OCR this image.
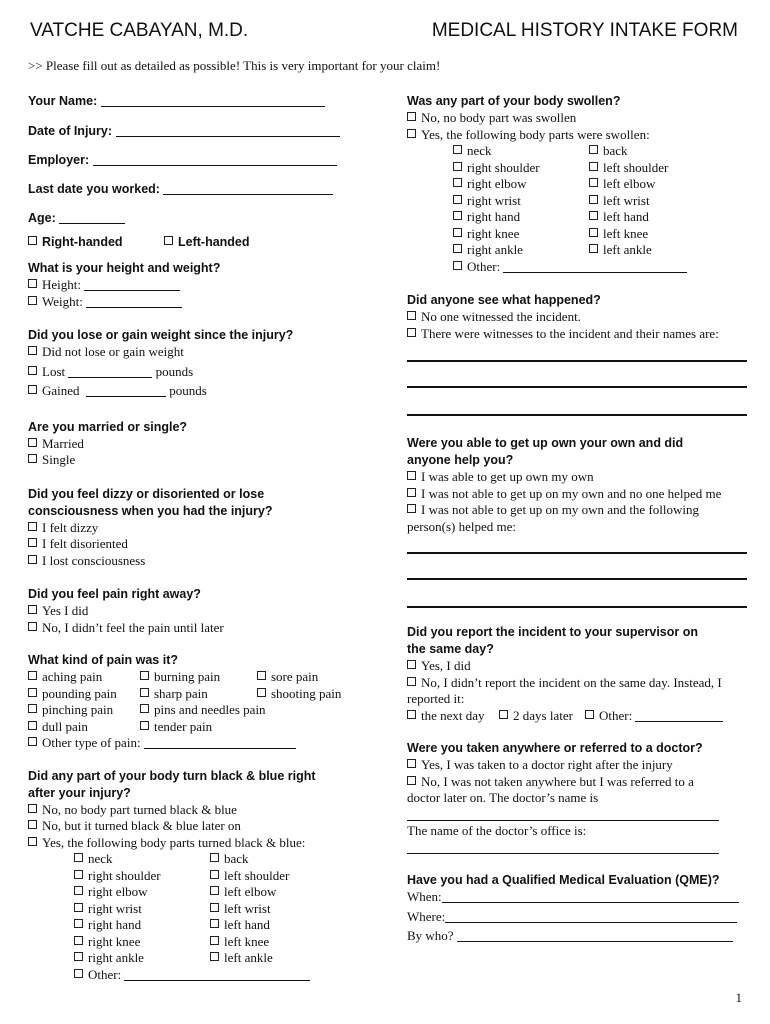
VATCHE CABAYAN, M.D.	MEDICAL HISTORY INTAKE FORM
>> Please fill out as detailed as possible! This is very important for your claim!
Your Name:
Date of Injury:
Employer:
Last date you worked:
Age:
Right-handed	Left-handed
What is your height and weight?
Height:
Weight:
Did you lose or gain weight since the injury?
Did not lose or gain weight
Lost	pounds
Gained	pounds
Are you married or single?
Married
Single
Did you feel dizzy or disoriented or lose
consciousness when you had the injury?
I felt dizzy
I felt disoriented
I lost consciousness
Did you feel pain right away?
Yes I did
No, I didn’t feel the pain until later
What kind of pain was it?
aching pain	burning pain	sore pain
pounding pain	sharp pain	shooting pain
pinching pain	pins and needles pain
dull pain	tender pain
Other type of pain:
Did any part of your body turn black & blue right
after your injury?
No, no body part turned black & blue
No, but it turned black & blue later on
Yes, the following body parts turned black & blue:
neck	back
right shoulder	left shoulder
right elbow	left elbow
right wrist	left wrist
right hand	left hand
right knee	left knee
right ankle	left ankle
Other:
Was any part of your body swollen?
No, no body part was swollen
Yes, the following body parts were swollen:
neck	back
right shoulder	left shoulder
right elbow	left elbow
right wrist	left wrist
right hand	left hand
right knee	left knee
right ankle	left ankle
Other:
Did anyone see what happened?
No one witnessed the incident.
There were witnesses to the incident and their names are:
Were you able to get up own your own and did
anyone help you?
I was able to get up own my own
I was not able to get up on my own and no one helped me
I was not able to get up on my own and the following
person(s) helped me:
Did you report the incident to your supervisor on
the same day?
Yes, I did
No, I didn’t report the incident on the same day. Instead, I
reported it:
the next day	2 days later	Other:
Were you taken anywhere or referred to a doctor?
Yes, I was taken to a doctor right after the injury
No, I was not taken anywhere but I was referred to a
doctor later on. The doctor’s name is
The name of the doctor’s office is:
Have you had a Qualified Medical Evaluation (QME)?
When:
Where:
By who?
1
